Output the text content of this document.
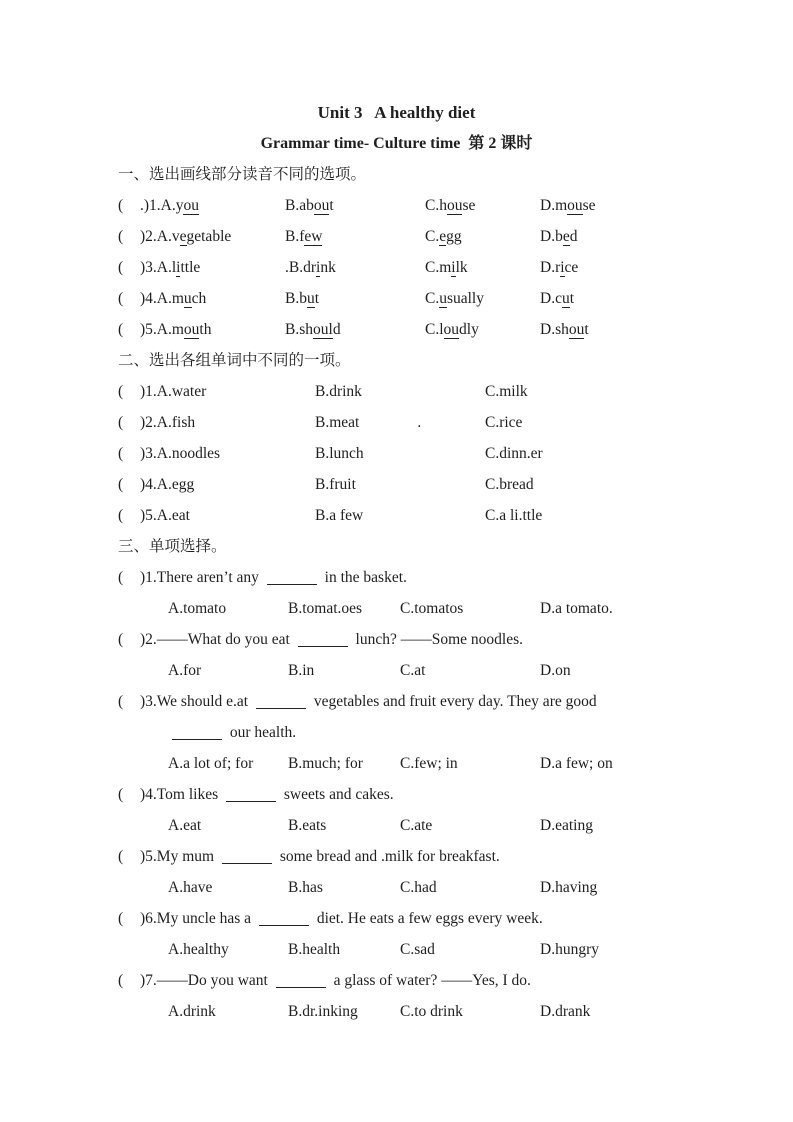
Unit 3   A healthy diet
Grammar time- Culture time  第 2 课时
一、选出画线部分读音不同的选项。
(	.)1.A.you	B.about	C.house	D.mouse
(	)2.A.vegetable	B.few	C.egg	D.bed
(	)3.A.little	.B.drink	C.milk	D.rice
(	)4.A.much	B.but	C.usually	D.cut
(	)5.A.mouth	B.should	C.loudly	D.shout
二、选出各组单词中不同的一项。
(	)1.A.water	B.drink	C.milk
(	)2.A.fish	B.meat	.	C.rice
(	)3.A.noodles	B.lunch	C.dinn.er
(	)4.A.egg	B.fruit	C.bread
(	)5.A.eat	B.a few	C.a li.ttle
三、单项选择。
(	)1.There aren’t any	in the basket.
A.tomato	B.tomat.oes	C.tomatos	D.a tomato.
(	)2.——What do you eat	lunch? ——Some noodles.
A.for	B.in	C.at	D.on
(	)3.We should e.at	vegetables and fruit every day. They are good
our health.
A.a lot of; for	B.much; for	C.few; in	D.a few; on
(	)4.Tom likes	sweets and cakes.
A.eat	B.eats	C.ate	D.eating
(	)5.My mum	some bread and .milk for breakfast.
A.have	B.has	C.had	D.having
(	)6.My uncle has a	diet. He eats a few eggs every week.
A.healthy	B.health	C.sad	D.hungry
(	)7.——Do you want	a glass of water? ——Yes, I do.
A.drink	B.dr.inking	C.to drink	D.drank
